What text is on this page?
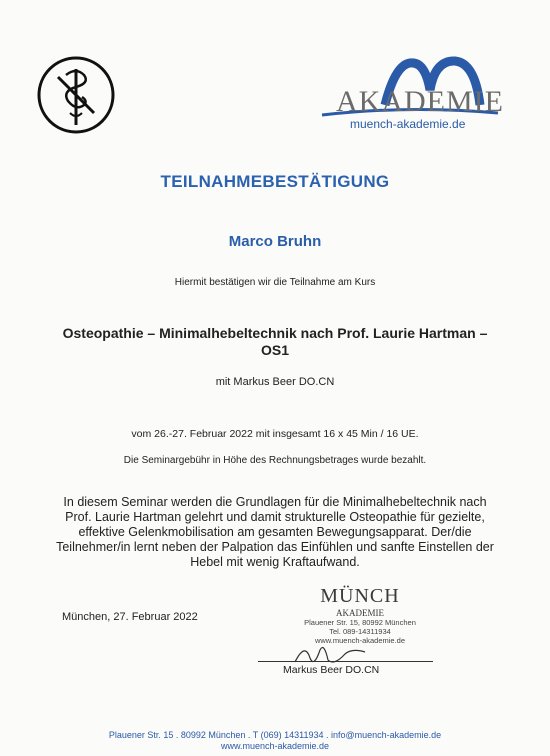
AKADEMIE
muench-akademie.de
TEILNAHMEBESTÄTIGUNG
Marco Bruhn
Hiermit bestätigen wir die Teilnahme am Kurs
Osteopathie – Minimalhebeltechnik nach Prof. Laurie Hartman – OS1
mit Markus Beer DO.CN
vom 26.-27. Februar 2022 mit insgesamt 16 x 45 Min / 16 UE.
Die Seminargebühr in Höhe des Rechnungsbetrages wurde bezahlt.
In diesem Seminar werden die Grundlagen für die Minimalhebeltechnik nach Prof. Laurie Hartman gelehrt und damit strukturelle Osteopathie für gezielte, effektive Gelenkmobilisation am gesamten Bewegungsapparat. Der/die Teilnehmer/in lernt neben der Palpation das Einfühlen und sanfte Einstellen der Hebel mit wenig Kraftaufwand.
München, 27. Februar 2022
MÜNCH
AKADEMIE
Plauener Str. 15, 80992 München
Tel. 089-14311934
www.muench-akademie.de
Markus Beer DO.CN
Plauener Str. 15 . 80992 München . T (069) 14311934 . info@muench-akademie.de
www.muench-akademie.de
